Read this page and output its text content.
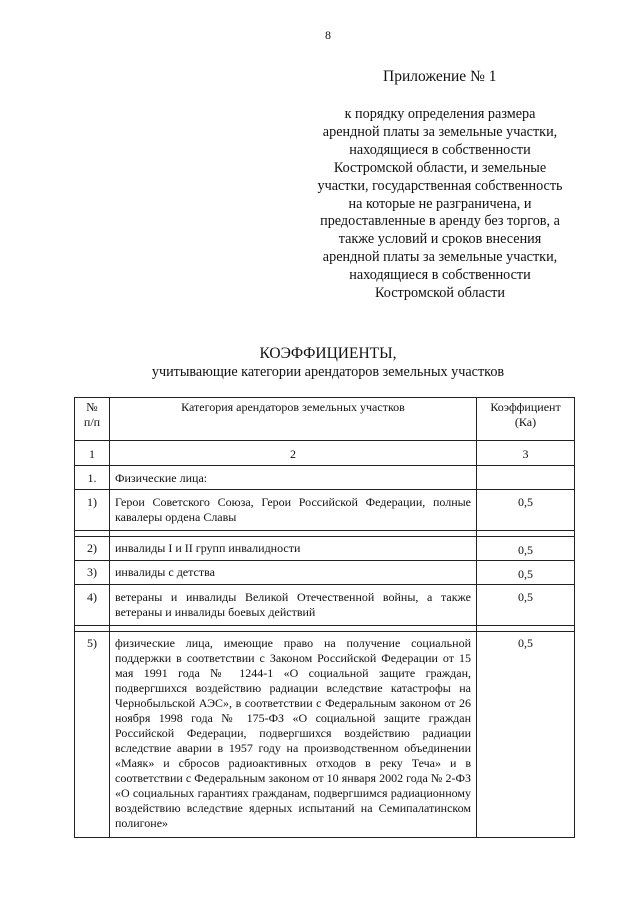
8
Приложение № 1
к порядку определения размера
арендной платы за земельные участки,
находящиеся в собственности
Костромской области, и земельные
участки, государственная собственность
на которые не разграничена, и
предоставленные в аренду без торгов, а
также условий и сроков внесения
арендной платы за земельные участки,
находящиеся в собственности
Костромской области
КОЭФФИЦИЕНТЫ,
учитывающие категории арендаторов земельных участков
№ п/п	Категория арендаторов земельных участков	Коэффициент (Ка)
1	2	3
1.	Физические лица:	
1)	Герои Советского Союза, Герои Российской Федерации, полные кавалеры ордена Славы	0,5

2)	инвалиды I и II групп инвалидности	0,5
3)	инвалиды с детства	0,5
4)	ветераны и инвалиды Великой Отечественной войны, а также ветераны и инвалиды боевых действий	0,5

5)	физические лица, имеющие право на получение социальной поддержки в соответствии с Законом Российской Федерации от 15 мая 1991 года № 1244-1 «О социальной защите граждан, подвергшихся воздействию радиации вследствие катастрофы на Чернобыльской АЭС», в соответствии с Федеральным законом от 26 ноября 1998 года № 175-ФЗ «О социальной защите граждан Российской Федерации, подвергшихся воздействию радиации вследствие аварии в 1957 году на производственном объединении «Маяк» и сбросов радиоактивных отходов в реку Теча» и в соответствии с Федеральным законом от 10 января 2002 года № 2-ФЗ «О социальных гарантиях гражданам, подвергшимся радиационному воздействию вследствие ядерных испытаний на Семипалатинском полигоне»	0,5
